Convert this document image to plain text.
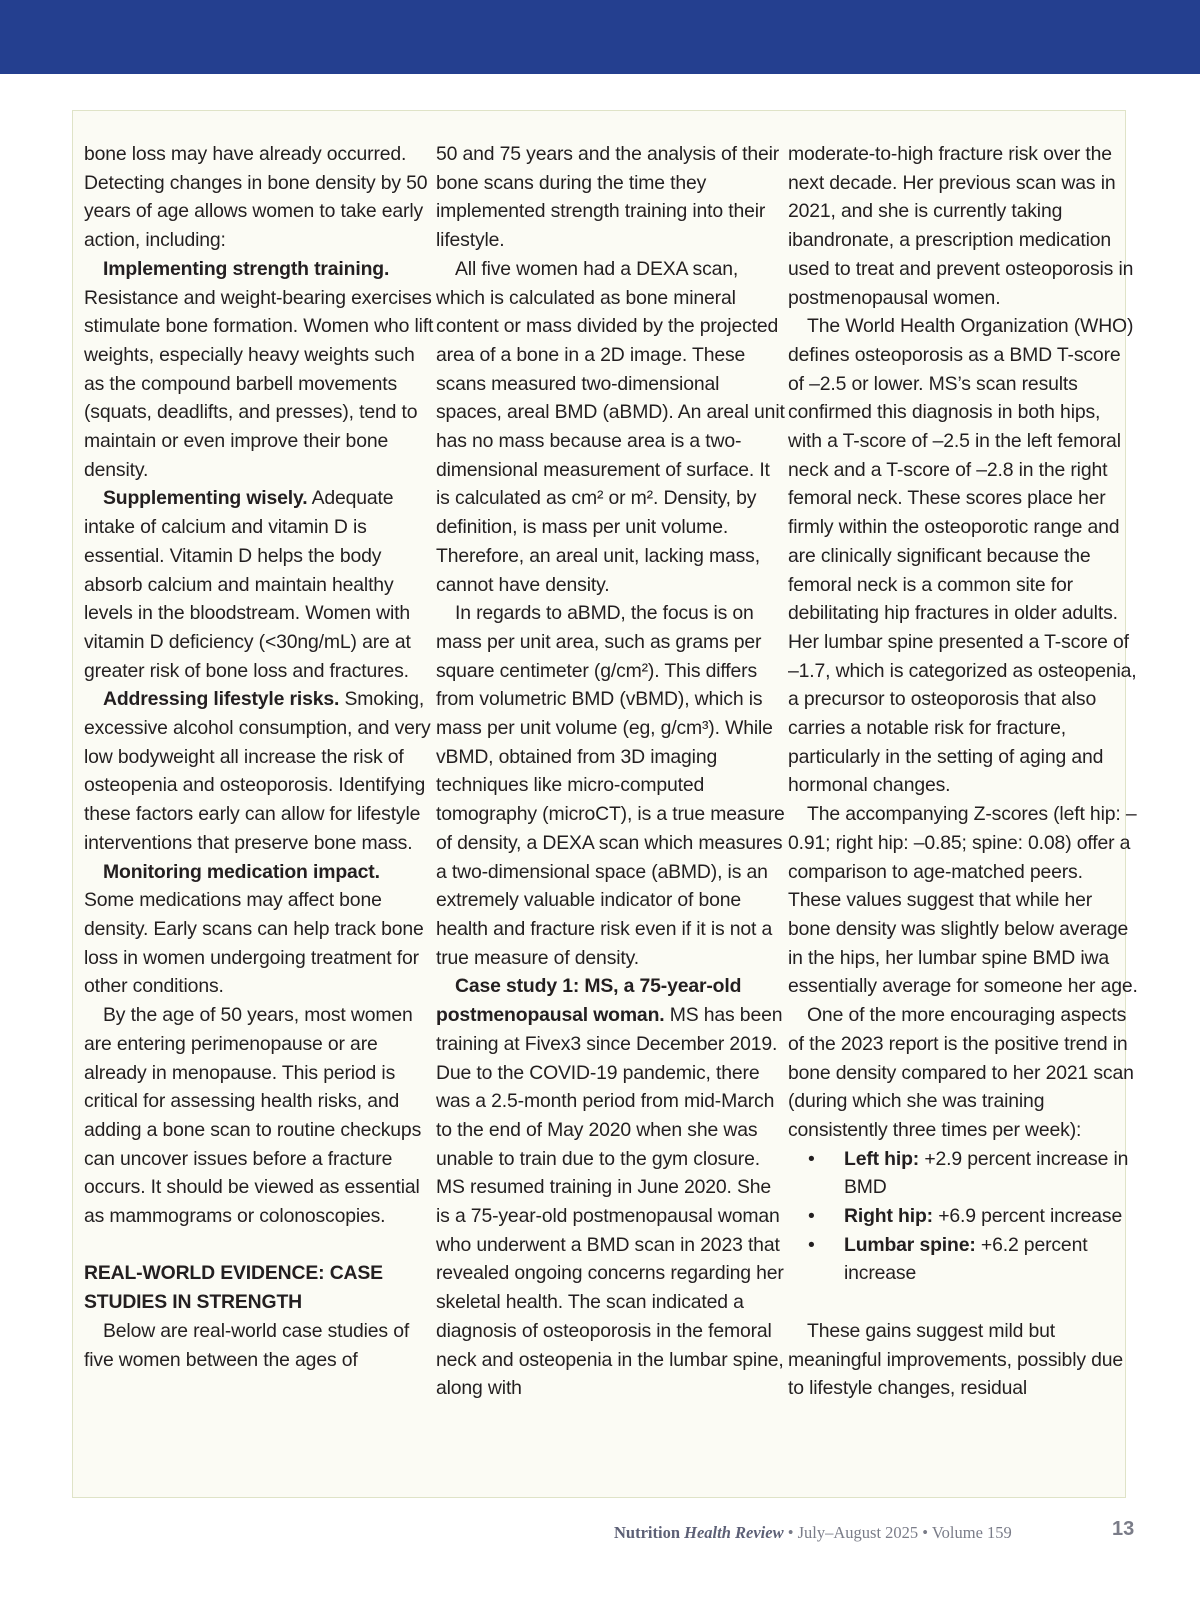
bone loss may have already occurred. Detecting changes in bone density by 50 years of age allows women to take early action, including:

Implementing strength training. Resistance and weight-bearing exercises stimulate bone formation. Women who lift weights, especially heavy weights such as the compound barbell movements (squats, deadlifts, and presses), tend to maintain or even improve their bone density.

Supplementing wisely. Adequate intake of calcium and vitamin D is essential. Vitamin D helps the body absorb calcium and maintain healthy levels in the bloodstream. Women with vitamin D deficiency (<30ng/mL) are at greater risk of bone loss and fractures.

Addressing lifestyle risks. Smoking, excessive alcohol consumption, and very low bodyweight all increase the risk of osteopenia and osteoporosis. Identifying these factors early can allow for lifestyle interventions that preserve bone mass.

Monitoring medication impact. Some medications may affect bone density. Early scans can help track bone loss in women undergoing treatment for other conditions.

By the age of 50 years, most women are entering perimenopause or are already in menopause. This period is critical for assessing health risks, and adding a bone scan to routine checkups can uncover issues before a fracture occurs. It should be viewed as essential as mammograms or colonoscopies.

REAL-WORLD EVIDENCE: CASE STUDIES IN STRENGTH

Below are real-world case studies of five women between the ages of

50 and 75 years and the analysis of their bone scans during the time they implemented strength training into their lifestyle.

All five women had a DEXA scan, which is calculated as bone mineral content or mass divided by the projected area of a bone in a 2D image. These scans measured two-dimensional spaces, areal BMD (aBMD). An areal unit has no mass because area is a two-dimensional measurement of surface. It is calculated as cm² or m². Density, by definition, is mass per unit volume. Therefore, an areal unit, lacking mass, cannot have density.

In regards to aBMD, the focus is on mass per unit area, such as grams per square centimeter (g/cm²). This differs from volumetric BMD (vBMD), which is mass per unit volume (eg, g/cm³). While vBMD, obtained from 3D imaging techniques like micro-computed tomography (microCT), is a true measure of density, a DEXA scan which measures a two-dimensional space (aBMD), is an extremely valuable indicator of bone health and fracture risk even if it is not a true measure of density.

Case study 1: MS, a 75-year-old postmenopausal woman. MS has been training at Fivex3 since December 2019. Due to the COVID-19 pandemic, there was a 2.5-month period from mid-March to the end of May 2020 when she was unable to train due to the gym closure. MS resumed training in June 2020. She is a 75-year-old postmenopausal woman who underwent a BMD scan in 2023 that revealed ongoing concerns regarding her skeletal health. The scan indicated a diagnosis of osteoporosis in the femoral neck and osteopenia in the lumbar spine, along with

moderate-to-high fracture risk over the next decade. Her previous scan was in 2021, and she is currently taking ibandronate, a prescription medication used to treat and prevent osteoporosis in postmenopausal women.

The World Health Organization (WHO) defines osteoporosis as a BMD T-score of –2.5 or lower. MS’s scan results confirmed this diagnosis in both hips, with a T-score of –2.5 in the left femoral neck and a T-score of –2.8 in the right femoral neck. These scores place her firmly within the osteoporotic range and are clinically significant because the femoral neck is a common site for debilitating hip fractures in older adults. Her lumbar spine presented a T-score of –1.7, which is categorized as osteopenia, a precursor to osteoporosis that also carries a notable risk for fracture, particularly in the setting of aging and hormonal changes.

The accompanying Z-scores (left hip: –0.91; right hip: –0.85; spine: 0.08) offer a comparison to age-matched peers. These values suggest that while her bone density was slightly below average in the hips, her lumbar spine BMD iwa essentially average for someone her age.

One of the more encouraging aspects of the 2023 report is the positive trend in bone density compared to her 2021 scan (during which she was training consistently three times per week):

• Left hip: +2.9 percent increase in BMD
• Right hip: +6.9 percent increase
• Lumbar spine: +6.2 percent increase

These gains suggest mild but meaningful improvements, possibly due to lifestyle changes, residual

Nutrition Health Review • July–August 2025 • Volume 159	13
